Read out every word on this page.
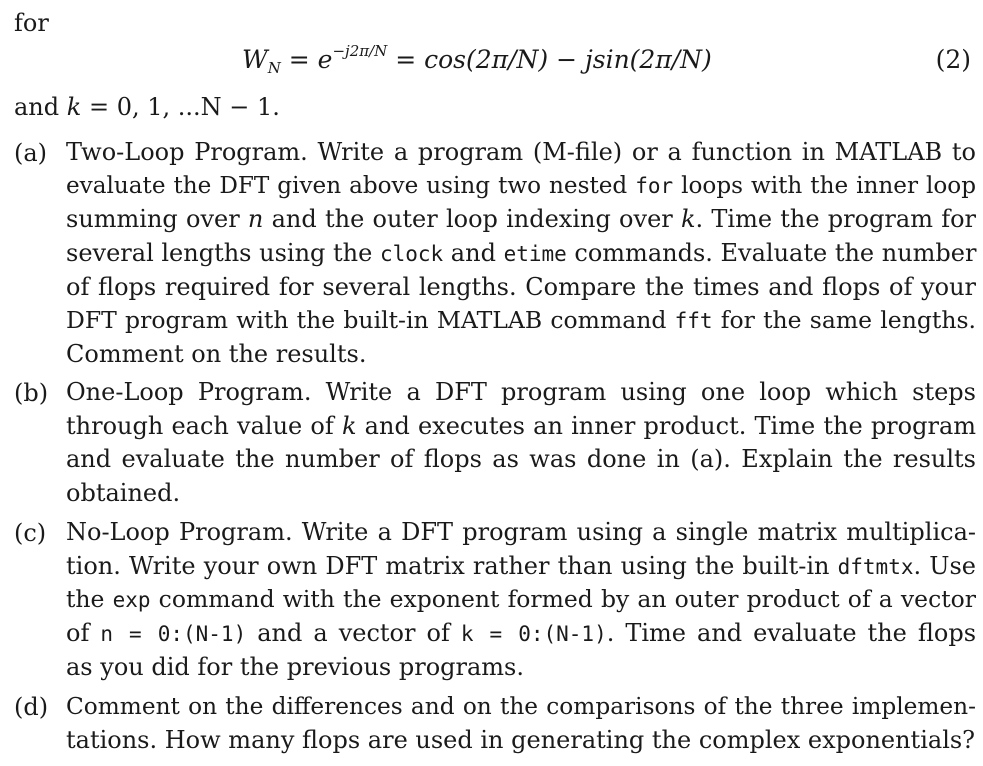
for
$W_N = e^{-j2\pi/N} = \cos(2\pi/N) - jsin(2\pi/N)$	(2)
and k = 0, 1, ...N − 1.
(a) Two-Loop Program. Write a program (M-file) or a function in MATLAB to
evaluate the DFT given above using two nested for loops with the inner loop
summing over n and the outer loop indexing over k. Time the program for
several lengths using the clock and etime commands. Evaluate the number
of flops required for several lengths. Compare the times and flops of your
DFT program with the built-in MATLAB command fft for the same lengths.
Comment on the results.
(b) One-Loop Program. Write a DFT program using one loop which steps
through each value of k and executes an inner product. Time the program
and evaluate the number of flops as was done in (a). Explain the results
obtained.
(c) No-Loop Program. Write a DFT program using a single matrix multiplica-
tion. Write your own DFT matrix rather than using the built-in dftmtx. Use
the exp command with the exponent formed by an outer product of a vector
of n = 0:(N-1) and a vector of k = 0:(N-1). Time and evaluate the flops
as you did for the previous programs.
(d) Comment on the differences and on the comparisons of the three implemen-
tations. How many flops are used in generating the complex exponentials?
